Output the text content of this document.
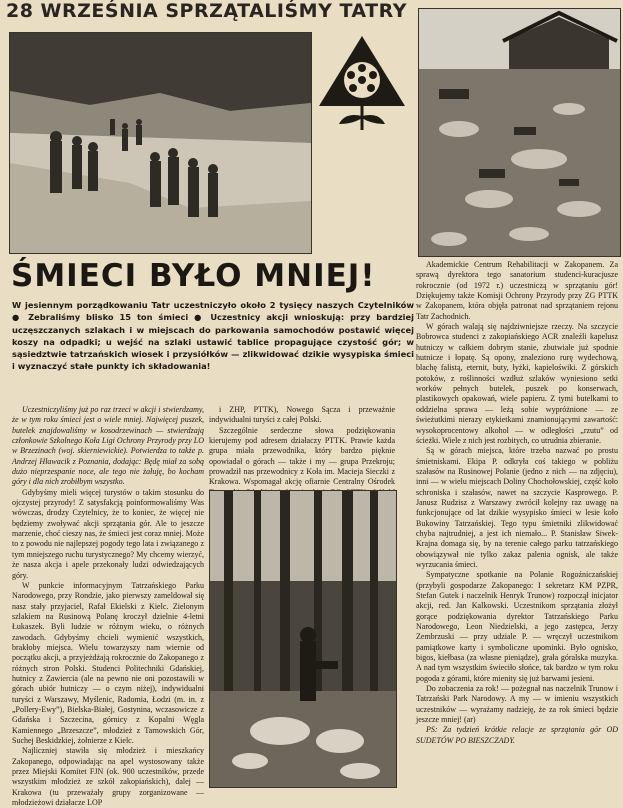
28 WRZEŚNIA SPRZĄTALIŚMY TATRY
ŚMIECI BYŁO MNIEJ!
W jesiennym porządkowaniu Tatr uczestniczyło około 2 tysięcy naszych Czytelników ● Zebraliśmy blisko 15 ton śmieci ● Uczestnicy akcji wnioskują: przy bardziej uczęszczanych szlakach i w miejscach do parkowania samochodów postawić więcej koszy na odpadki; u wejść na szlaki ustawić tablice propagujące czystość gór; w sąsiedztwie tatrzańskich wiosek i przysiółków — zlikwidować dzikie wysypiska śmieci i wyznaczyć stałe punkty ich składowania!

Uczestniczyliśmy już po raz trzeci w akcji i stwierdzamy, że w tym roku śmieci jest o wiele mniej. Najwięcej puszek, butelek znajdowaliśmy w kosodrzewinach — stwierdzają członkowie Szkolnego Koła Ligi Ochrony Przyrody przy LO w Brzezinach (woj. skierniewickie). Potwierdza to także p. Andrzej Hławacik z Poznania, dodając: Będę miał za sobą dużo nieprzespanie noce, ale tego nie żałuję, bo kocham góry i dla nich zrobiłbym wszystko.

Gdybyśmy mieli więcej turystów o takim stosunku do ojczystej przyrody! Z satysfakcją poinformowaliśmy Was wówczas, drodzy Czytelnicy, że to koniec, że więcej nie będziemy zwoływać akcji sprzątania gór. Ale to jeszcze marzenie, choć cieszy nas, że śmieci jest coraz mniej. Może to z powodu nie najlepszej pogody tego lata i związanego z tym mniejszego ruchu turystycznego? My chcemy wierzyć, że nasza akcja i apele przekonały ludzi odwiedzających góry.

W punkcie informacyjnym Tatrzańskiego Parku Narodowego, przy Rondzie, jako pierwszy zameldował się nasz stały przyjaciel, Rafał Ekielski z Kielc. Zielonym szlakiem na Rusinową Polanę kroczył dzielnie 4-letni Łukaszek. Byli ludzie w różnym wieku, o różnych zawodach. Gdybyśmy chcieli wymienić wszystkich, brakłoby miejsca. Wielu towarzyszy nam wiernie od początku akcji, a przyjeżdżają rokrocznie do Zakopanego z różnych stron Polski. Studenci Politechniki Gdańskiej, hutnicy z Zawiercia (ale na pewno nie oni pozostawili w górach ubiór hutniczy — o czym niżej), indywidualni turyści z Warszawy, Myślenic, Radomia, Łodzi (m. in. z „Pollery-Ewy”), Bielska-Białej, Gostynina, wczasowicze z Gdańska i Szczecina, górnicy z Kopalni Węgla Kamiennego „Brzeszcze”, młodzież z Tarnowskich Gór, Suchej Beskidzkiej, żołnierze z Kielc.

Najliczniej stawiła się młodzież i mieszkańcy Zakopanego, odpowiadając na apel wystosowany także przez Miejski Komitet FJN (ok. 900 uczestników, przede wszystkim młodzież ze szkół zakopiańskich), dalej — Krakowa (tu przeważały grupy zorganizowane — młodzieżowi działacze LOP

i ZHP, PTTK), Nowego Sącza i przeważnie indywidualni turyści z całej Polski.

Szczególnie serdeczne słowa podziękowania kierujemy pod adresem działaczy PTTK. Prawie każda grupa miała przewodnika, który bardzo pięknie opowiadał o górach — także i my — grupa Przekroju; prowadził nas przewodnicy z Koła im. Macieja Sieczki z Krakowa. Wspomagał akcję ofiarnie Centralny Ośrodek

Akademickie Centrum Rehabilitacji w Zakopanem. Za sprawą dyrektora tego sanatorium studenci-kuracjusze rokrocznie (od 1972 r.) uczestniczą w sprzątaniu gór! Dziękujemy także Komisji Ochrony Przyrody przy ZG PTTK w Zakopanem, która objęła patronat nad sprzątaniem rejonu Tatr Zachodnich.

W górach walają się najdziwniejsze rzeczy. Na szczycie Bobrowca studenci z zakopiańskiego ACR znaleźli kapelusz hutniczy w całkiem dobrym stanie, zbutwiałe już spodnie hutnicze i łopatę. Są opony, znaleziono rurę wydechową, blachę falistą, eternit, buty, łyżki, kapieloświki. Z górskich potoków, z roślinności wzdłuż szlaków wyniesiono setki worków pełnych butelek, puszek po konserwach, plastikowych opakowań, wiele papieru. Z tymi butelkami to oddzielna sprawa — leżą sobie wypróżnione — ze świeżutkimi nierazy etykietkami znamionującymi zawartość: wysokoprocentowy alkohol — w odległości „rzutu” od ścieżki. Wiele z nich jest rozbitych, co utrudnia zbieranie.

Są w górach miejsca, które trzeba nazwać po prostu śmietniskami. Ekipa P. odkryła coś takiego w pobliżu szałasów na Rusinowej Polanie (jedno z nich — na zdjęciu), inni — w wielu miejscach Doliny Chochołowskiej, część koło schroniska i szałasów, nawet na szczycie Kasprowego. P. Janusz Rudzisz z Warszawy zwrócił kolejny raz uwagę na funkcjonujące od lat dzikie wysypisko śmieci w lesie koło Bukowiny Tatrzańskiej. Tego typu śmietniki zlikwidować chyba najtrudniej, a jest ich niemało... P. Stanisław Siwek-Krajna domaga się, by na terenie całego parku tatrzańskiego obowiązywał nie tylko zakaz palenia ognisk, ale także wyrzucania śmieci.

Sympatyczne spotkanie na Polanie Rogoźniczańskiej (przybyli gospodarze Zakopanego: I sekretarz KM PZPR, Stefan Gutek i naczelnik Henryk Trunow) rozpoczął inicjator akcji, red. Jan Kalkowski. Uczestnikom sprzątania złożył gorące podziękowania dyrektor Tatrzańskiego Parku Narodowego, Leon Niedzielski, a jego zastępca, Jerzy Zembrzuski — przy udziale P. — wręczył uczestnikom pamiątkowe karty i symboliczne upominki. Było ognisko, bigos, kiełbasa (za własne pieniądze), grała góralska muzyka. A nad tym wszystkim świeciło słońce, tak bardzo w tym roku pogoda z górami, które mienity się już barwami jesieni.

Do zobaczenia za rok! — pożegnał nas naczelnik Trunow i Tatrzański Park Narodowy. A my — w imieniu wszystkich uczestników — wyrażamy nadzieję, że za rok śmieci będzie jeszcze mniej! (ar)

PS: Za tydzień krótkie relacje ze sprzątania gór OD SUDETÓW PO BIESZCZADY.
